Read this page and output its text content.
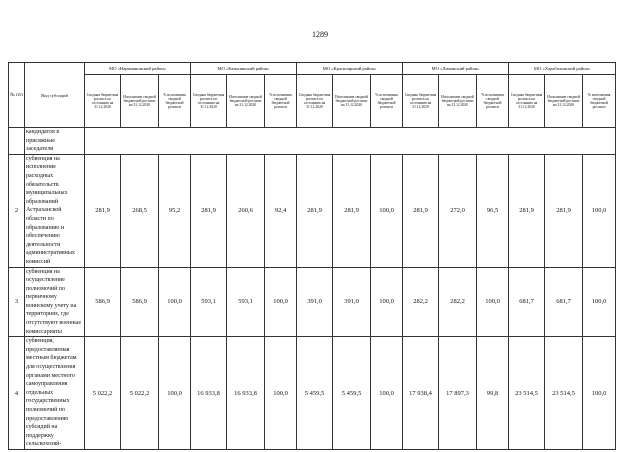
1289
№ п/п	Вид субсидий	МО «Наримановский район»			МО «Камызякский район»			МО «Красноярский район»			МО «Лиманский район»			МО «Харабалинский район»		
		Сводная бюджетная роспись по состоянию на 31.12.2020	Исполнение сводной бюджетной росписи на 31.12.2020	% исполнения сводной бюджетной росписи	Сводная бюджетная роспись по состоянию на 31.12.2020	Исполнение сводной бюджетной росписи на 31.12.2020	% исполнения сводной бюджетной росписи	Сводная бюджетная роспись по состоянию на 31.12.2020	Исполнение сводной бюджетной росписи на 31.12.2020	% исполнения сводной бюджетной росписи	Сводная бюджетная роспись по состоянию на 31.12.2020	Исполнение сводной бюджетной росписи на 31.12.2020	% исполнения сводной бюджетной росписи	Сводная бюджетная роспись по состоянию на 31.12.2020	Исполнение сводной бюджетной росписи на 31.12.2020	% исполнения сводной бюджетной росписи
	кандидатов в присяжные заседатели															
2	субвенция на исполнение расходных обязательств муниципальных образований Астраханской области по образованию и обеспечению деятельности административных комиссий	281,9	268,5	95,2	281,9	260,6	92,4	281,9	281,9	100,0	281,9	272,0	96,5	281,9	281,9	100,0
3	субвенция на осуществление полномочий по первичному воинскому учету на территориях, где отсутствуют военные комиссариаты	586,9	586,9	100,0	593,1	593,1	100,0	391,0	391,0	100,0	282,2	282,2	100,0	681,7	681,7	100,0
4	субвенция, предоставляемая местным бюджетам для осуществления органами местного самоуправления отдельных государственных полномочий по предоставлению субсидий на поддержку сельскохозяй-	5 022,2	5 022,2	100,0	16 933,8	16 933,8	100,0	5 459,5	5 459,5	100,0	17 938,4	17 897,3	99,8	23 514,5	23 514,5	100,0
